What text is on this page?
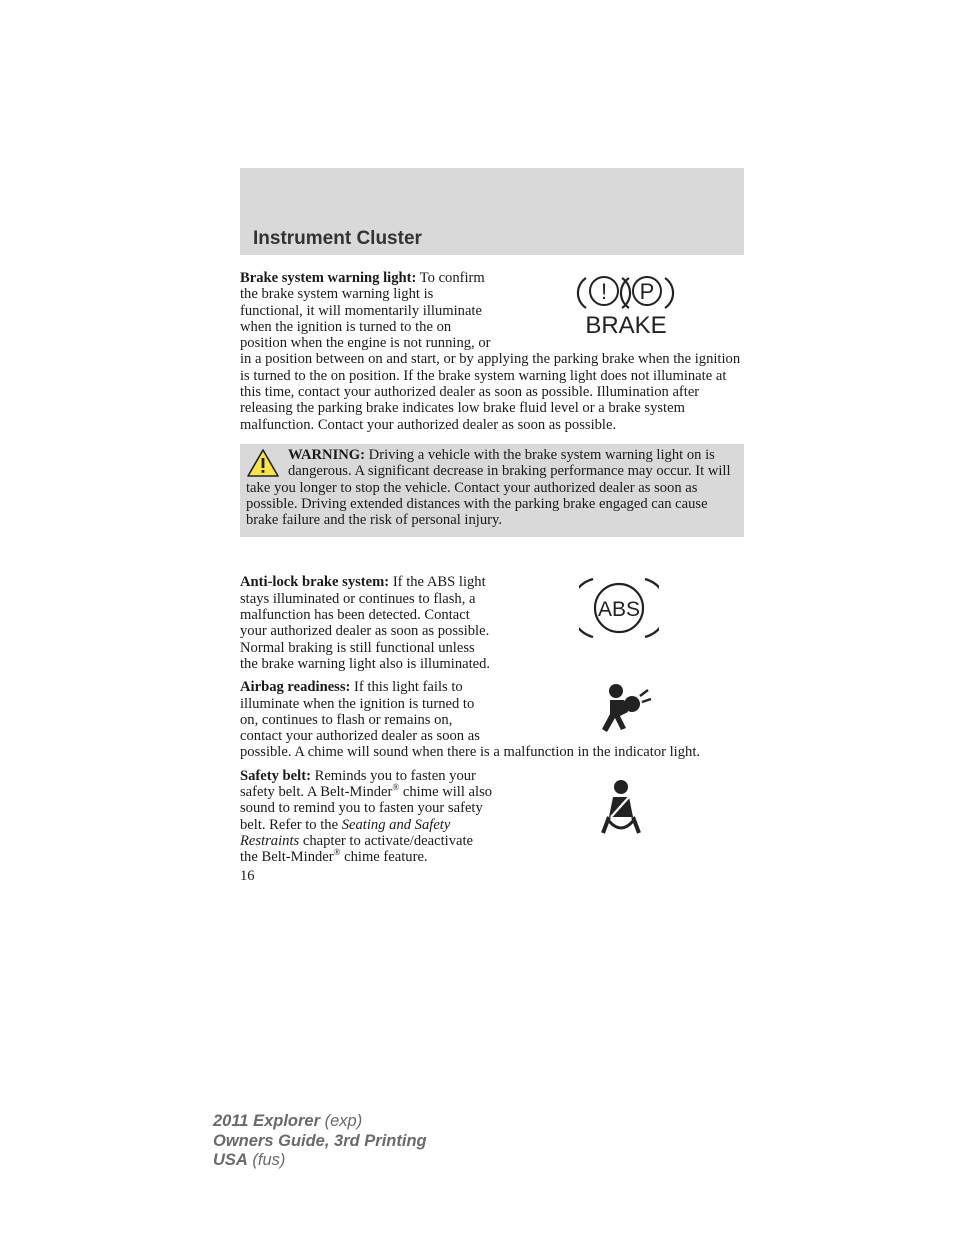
Instrument Cluster
! P
BRAKE

Brake system warning light: To confirm the brake system warning light is functional, it will momentarily illuminate when the ignition is turned to the on position when the engine is not running, or in a position between on and start, or by applying the parking brake when the ignition is turned to the on position. If the brake system warning light does not illuminate at this time, contact your authorized dealer as soon as possible. Illumination after releasing the parking brake indicates low brake fluid level or a brake system malfunction. Contact your authorized dealer as soon as possible.

WARNING: Driving a vehicle with the brake system warning light on is dangerous. A significant decrease in braking performance may occur. It will take you longer to stop the vehicle. Contact your authorized dealer as soon as possible. Driving extended distances with the parking brake engaged can cause brake failure and the risk of personal injury.

ABS

Anti-lock brake system: If the ABS light stays illuminated or continues to flash, a malfunction has been detected. Contact your authorized dealer as soon as possible. Normal braking is still functional unless the brake warning light also is illuminated.

Airbag readiness: If this light fails to illuminate when the ignition is turned to on, continues to flash or remains on, contact your authorized dealer as soon as possible. A chime will sound when there is a malfunction in the indicator light.

Safety belt: Reminds you to fasten your safety belt. A Belt-Minder® chime will also sound to remind you to fasten your safety belt. Refer to the Seating and Safety Restraints chapter to activate/deactivate the Belt-Minder® chime feature.

16
2011 Explorer (exp)
Owners Guide, 3rd Printing
USA (fus)
